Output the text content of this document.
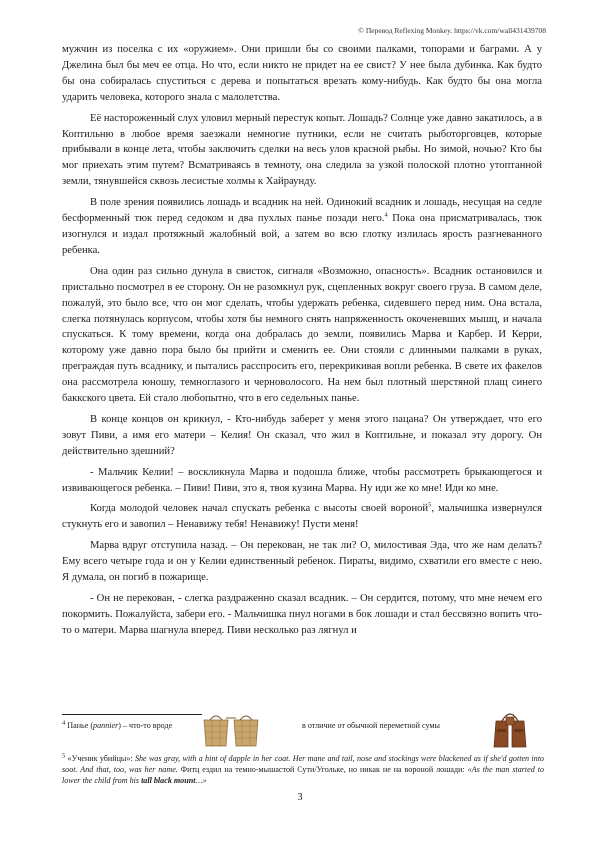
© Перевод Reflexing Monkey. https://vk.com/wall431439708

мужчин из поселка с их «оружием». Они пришли бы со своими палками, топорами и баграми. А у Джелина был бы меч ее отца. Но что, если никто не придет на ее свист? У нее была дубинка. Как будто бы она собиралась спуститься с дерева и попытаться врезать кому-нибудь. Как будто бы она могла ударить человека, которого знала с малолетства.

Её настороженный слух уловил мерный перестук копыт. Лошадь? Солнце уже давно закатилось, а в Коптильню в любое время заезжали немногие путники, если не считать рыботорговцев, которые прибывали в конце лета, чтобы заключить сделки на весь улов красной рыбы. Но зимой, ночью? Кто бы мог приехать этим путем? Всматриваясь в темноту, она следила за узкой полоской плотно утоптанной земли, тянувшейся сквозь лесистые холмы к Хайраунду.

В поле зрения появились лошадь и всадник на ней. Одинокий всадник и лошадь, несущая на седле бесформенный тюк перед седоком и два пухлых панье позади него.$^4$ Пока она присматривалась, тюк изогнулся и издал протяжный жалобный вой, а затем во всю глотку излилась ярость разгневанного ребенка.

Она один раз сильно дунула в свисток, сигналя «Возможно, опасность». Всадник остановился и пристально посмотрел в ее сторону. Он не разомкнул рук, сцепленных вокруг своего груза. В самом деле, пожалуй, это было все, что он мог сделать, чтобы удержать ребенка, сидевшего перед ним. Она встала, слегка потянулась корпусом, чтобы хотя бы немного снять напряженность окоченевших мышц, и начала спускаться. К тому времени, когда она добралась до земли, появились Марва и Карбер. И Керри, которому уже давно пора было бы прийти и сменить ее. Они стояли с длинными палками в руках, преграждая путь всаднику, и пытались расспросить его, перекрикивая вопли ребенка. В свете их факелов она рассмотрела юношу, темноглазого и черноволосого. На нем был плотный шерстяной плащ синего баккского цвета. Ей стало любопытно, что в его седельных панье.

В конце концов он крикнул, - Кто-нибудь заберет у меня этого пацана? Он утверждает, что его зовут Пиви, а имя его матери – Келия! Он сказал, что жил в Коптильне, и показал эту дорогу. Он действительно здешний?

- Мальчик Келии! – воскликнула Марва и подошла ближе, чтобы рассмотреть брыкающегося и извивающегося ребенка. – Пиви! Пиви, это я, твоя кузина Марва. Ну иди же ко мне! Иди ко мне.

Когда молодой человек начал спускать ребенка с высоты своей вороной$^5$, мальчишка извернулся стукнуть его и завопил – Ненавижу тебя! Ненавижу! Пусти меня!

Марва вдруг отступила назад. – Он перекован, не так ли? О, милостивая Эда, что же нам делать? Ему всего четыре года и он у Келии единственный ребенок. Пираты, видимо, схватили его вместе с нею. Я думала, он погиб в пожарище.

- Он не перекован, - слегка раздраженно сказал всадник. – Он сердится, потому, что мне нечем его покормить. Пожалуйста, забери его. - Мальчишка пнул ногами в бок лошади и стал бессвязно вопить что-то о матери. Марва шагнула вперед. Пиви несколько раз лягнул и

$^4$ Панье (pannier) – что-то вроде	в отличие от обычной переметной сумы
$^5$ «Ученик убийцы»: She was gray, with a hint of dapple in her coat. Her mane and tail, nose and stockings were blackened as if she'd gotten into soot. And that, too, was her name. Фитц ездил на темно-мышастой Сути/Угольке, но никак не на вороной лошади: «As the man started to lower the child from his tall black mount…»
3
